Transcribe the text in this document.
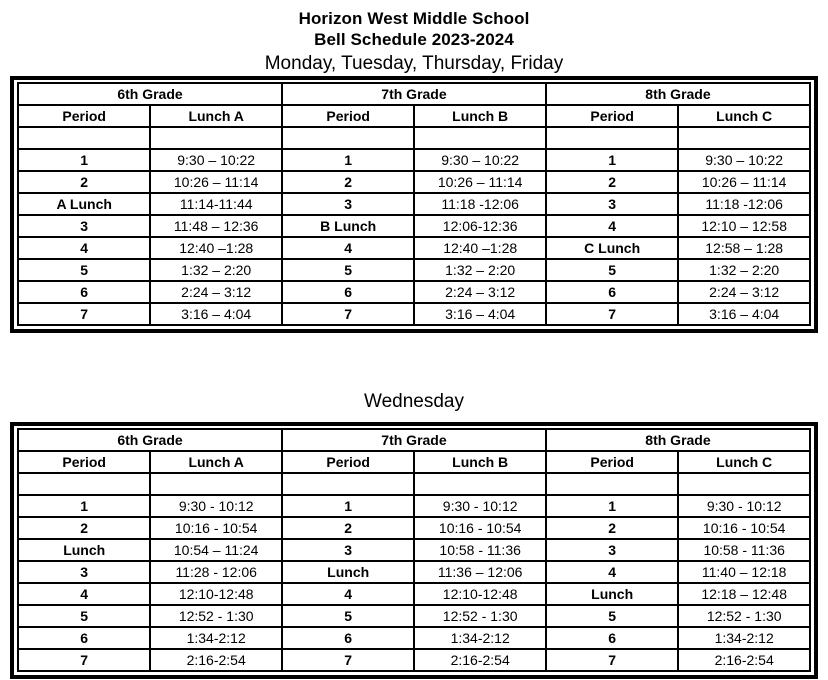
Horizon West Middle School
Bell Schedule 2023-2024
Monday, Tuesday, Thursday, Friday
6th Grade		7th Grade		8th Grade	
Period	Lunch A	Period	Lunch B	Period	Lunch C

1	9:30 – 10:22	1	9:30 – 10:22	1	9:30 – 10:22
2	10:26 – 11:14	2	10:26 – 11:14	2	10:26 – 11:14
A Lunch	11:14-11:44	3	11:18 -12:06	3	11:18 -12:06
3	11:48 – 12:36	B Lunch	12:06-12:36	4	12:10 – 12:58
4	12:40 –1:28	4	12:40 –1:28	C Lunch	12:58 – 1:28
5	1:32 – 2:20	5	1:32 – 2:20	5	1:32 – 2:20
6	2:24 – 3:12	6	2:24 – 3:12	6	2:24 – 3:12
7	3:16 – 4:04	7	3:16 – 4:04	7	3:16 – 4:04
Wednesday
6th Grade		7th Grade		8th Grade	
Period	Lunch A	Period	Lunch B	Period	Lunch C

1	9:30 - 10:12	1	9:30 - 10:12	1	9:30 - 10:12
2	10:16 - 10:54	2	10:16 - 10:54	2	10:16 - 10:54
Lunch	10:54 – 11:24	3	10:58 - 11:36	3	10:58 - 11:36
3	11:28 - 12:06	Lunch	11:36 – 12:06	4	11:40 – 12:18
4	12:10-12:48	4	12:10-12:48	Lunch	12:18 – 12:48
5	12:52 - 1:30	5	12:52 - 1:30	5	12:52 - 1:30
6	1:34-2:12	6	1:34-2:12	6	1:34-2:12
7	2:16-2:54	7	2:16-2:54	7	2:16-2:54
